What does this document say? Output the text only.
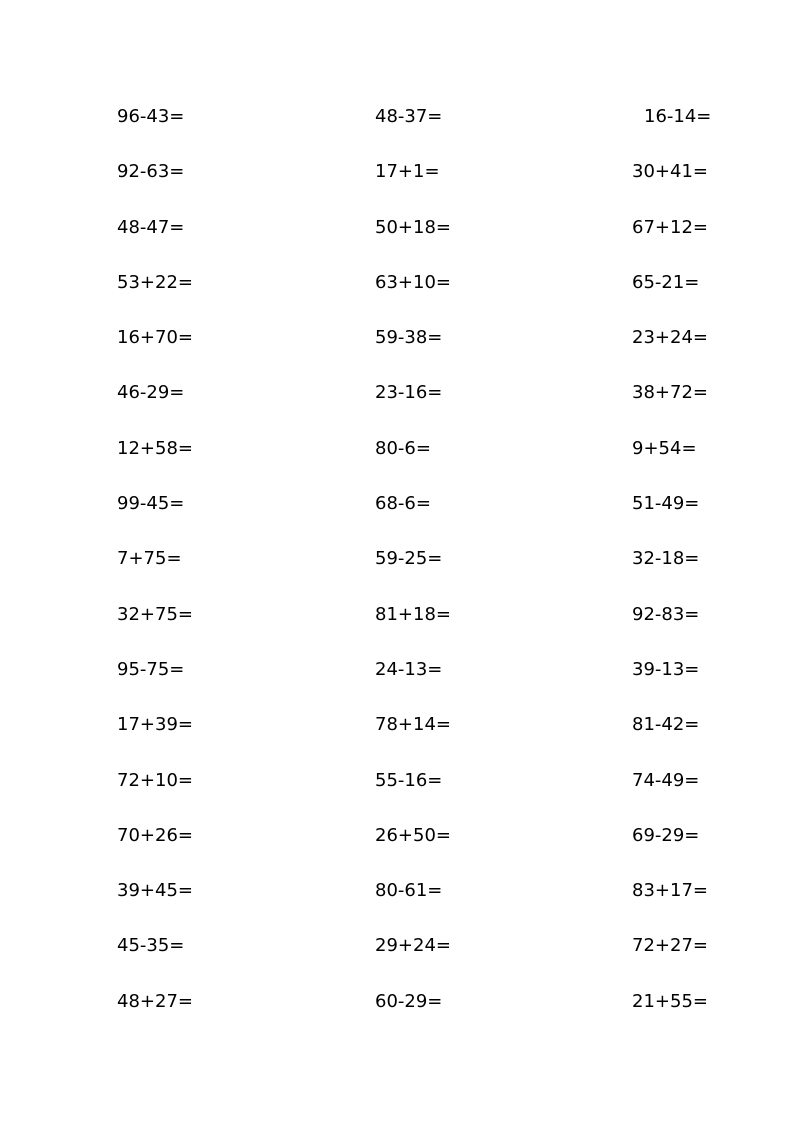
96-43=
92-63=
48-47=
53+22=
16+70=
46-29=
12+58=
99-45=
7+75=
32+75=
95-75=
17+39=
72+10=
70+26=
39+45=
45-35=
48+27=
48-37=
17+1=
50+18=
63+10=
59-38=
23-16=
80-6=
68-6=
59-25=
81+18=
24-13=
78+14=
55-16=
26+50=
80-61=
29+24=
60-29=
16-14=
30+41=
67+12=
65-21=
23+24=
38+72=
9+54=
51-49=
32-18=
92-83=
39-13=
81-42=
74-49=
69-29=
83+17=
72+27=
21+55=
